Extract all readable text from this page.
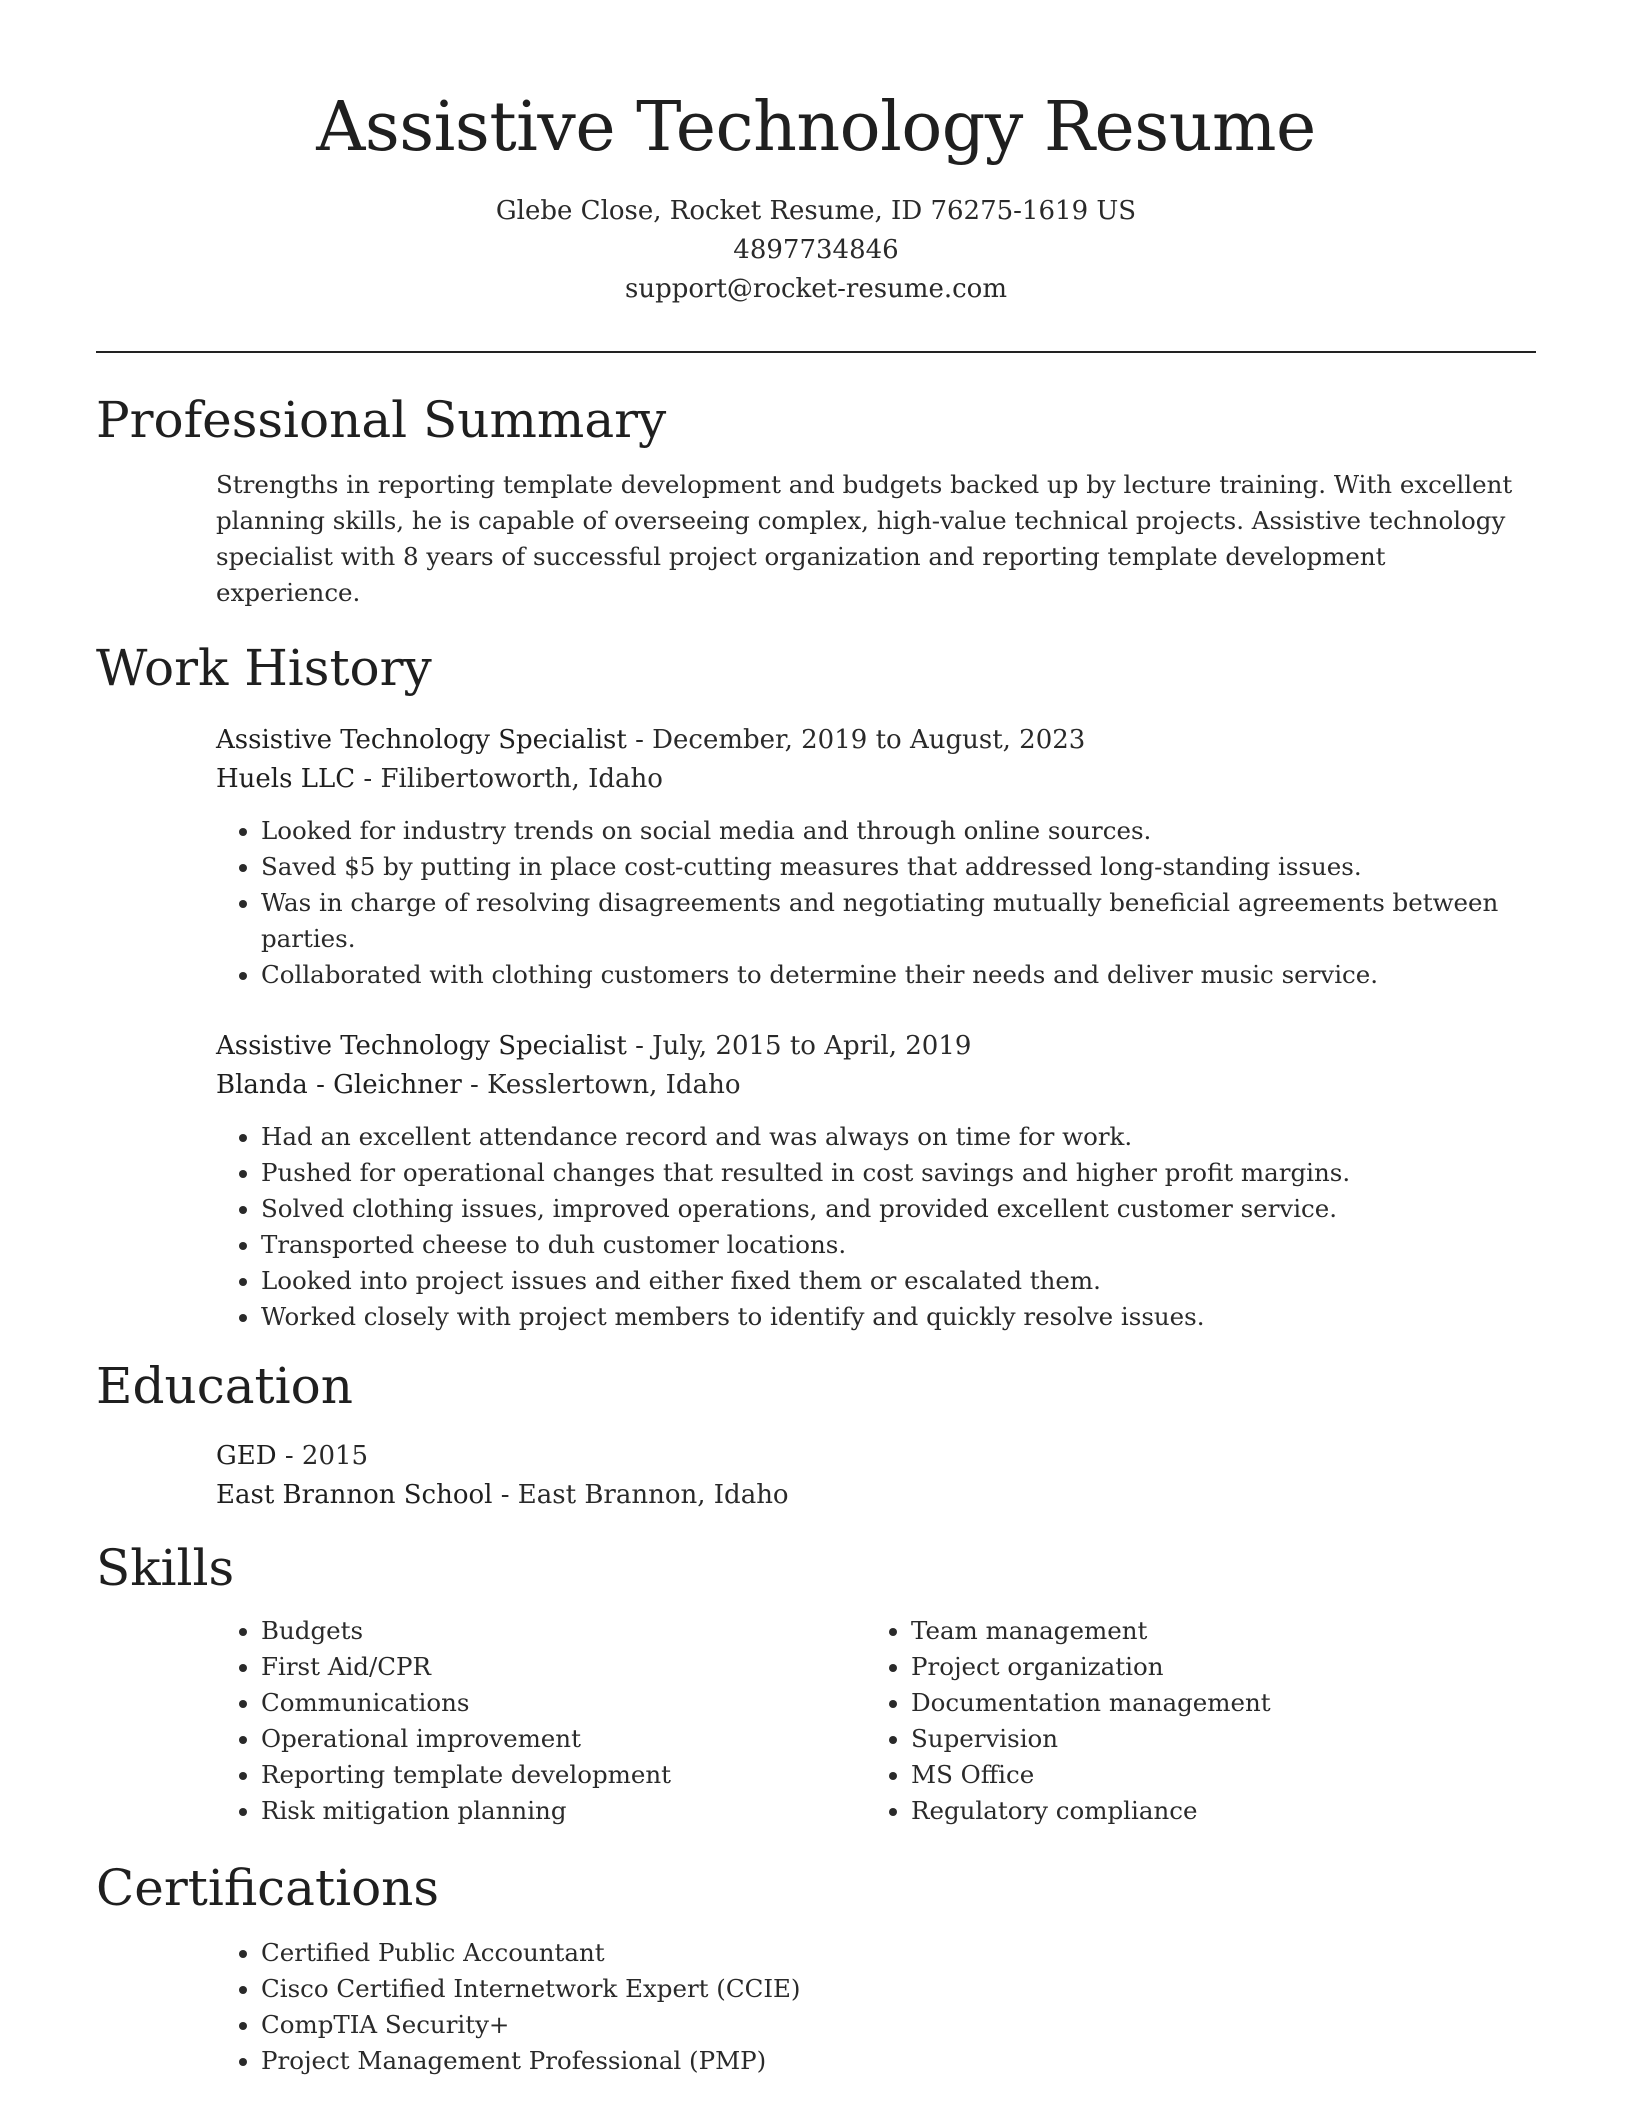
Assistive Technology Resume
Glebe Close, Rocket Resume, ID 76275-1619 US
4897734846
support@rocket-resume.com
Professional Summary
Strengths in reporting template development and budgets backed up by lecture training. With excellent planning skills, he is capable of overseeing complex, high-value technical projects. Assistive technology specialist with 8 years of successful project organization and reporting template development experience.
Work History
Assistive Technology Specialist - December, 2019 to August, 2023
Huels LLC - Filibertoworth, Idaho
• Looked for industry trends on social media and through online sources.
• Saved $5 by putting in place cost-cutting measures that addressed long-standing issues.
• Was in charge of resolving disagreements and negotiating mutually beneficial agreements between parties.
• Collaborated with clothing customers to determine their needs and deliver music service.
Assistive Technology Specialist - July, 2015 to April, 2019
Blanda - Gleichner - Kesslertown, Idaho
• Had an excellent attendance record and was always on time for work.
• Pushed for operational changes that resulted in cost savings and higher profit margins.
• Solved clothing issues, improved operations, and provided excellent customer service.
• Transported cheese to duh customer locations.
• Looked into project issues and either fixed them or escalated them.
• Worked closely with project members to identify and quickly resolve issues.
Education
GED - 2015
East Brannon School - East Brannon, Idaho
Skills
• Budgets
• First Aid/CPR
• Communications
• Operational improvement
• Reporting template development
• Risk mitigation planning
• Team management
• Project organization
• Documentation management
• Supervision
• MS Office
• Regulatory compliance
Certifications
• Certified Public Accountant
• Cisco Certified Internetwork Expert (CCIE)
• CompTIA Security+
• Project Management Professional (PMP)
